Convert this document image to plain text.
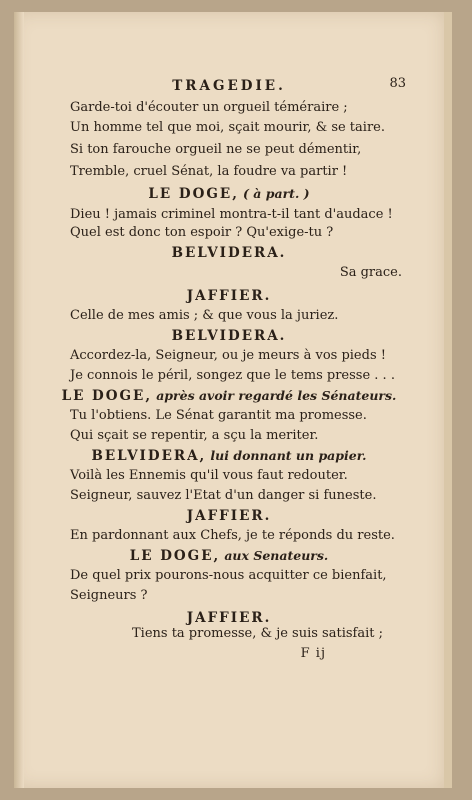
TRAGEDIE.	83
F ij
Garde-toi d'écouter un orgueil téméraire ;
Un homme tel que moi, sçait mourir, & se taire.
Si ton farouche orgueil ne se peut démentir,
Tremble, cruel Sénat, la foudre va partir !
LE DOGE, ( à part. )
Dieu ! jamais criminel montra-t-il tant d'audace !
Quel est donc ton espoir ? Qu'exige-tu ?
BELVIDERA.
Sa grace.
JAFFIER.
Celle de mes amis ; & que vous la juriez.
BELVIDERA.
Accordez-la, Seigneur, ou je meurs à vos pieds !
Je connois le péril, songez que le tems presse . . .
LE DOGE, après avoir regardé les Sénateurs.
Tu l'obtiens. Le Sénat garantit ma promesse.
Qui sçait se repentir, a sçu la meriter.
BELVIDERA, lui donnant un papier.
Voilà les Ennemis qu'il vous faut redouter.
Seigneur, sauvez l'Etat d'un danger si funeste.
JAFFIER.
En pardonnant aux Chefs, je te réponds du reste.
LE DOGE, aux Senateurs.
De quel prix pourons-nous acquitter ce bienfait,
Seigneurs ?
JAFFIER.
Tiens ta promesse, & je suis satisfait ;
